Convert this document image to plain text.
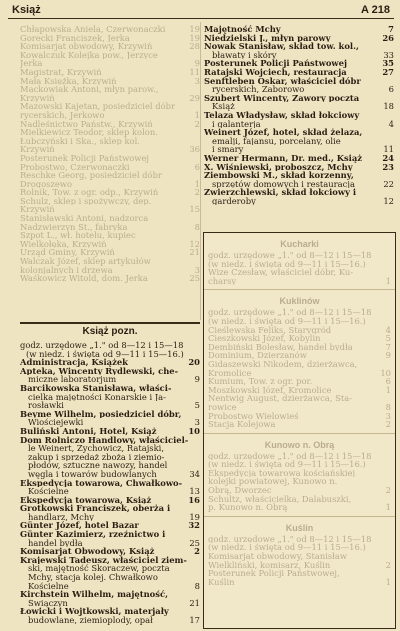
Książ	A 218
Chłapowska Aniela, Czerwonaczki	19
Gorecki Franciszek, Jerka	19
Komisarjat obwodowy, Krzywiń	28
Kowalczuk Kolejka pow., Jerzyce
Jerka	9
Magistrat, Krzywiń	11
Mała Księżka, Krzywiń	3
Mackowiak Antoni, młyn parow.,
Krzywiń	29
Mazowski Kajetan, posiedziciel dóbr
rycerskich, Jerkowo	1
Nadleśnictwo Państw., Krzywiń	2
Mielkiewicz Teodor, sklep kolon.
Łubczyński i Ska., sklep kol.
Krzywiń	36
Posterunek Policji Państwowej
Probostwo, Czerwonaczki	6
Reschke Georg, posiedziciel dóbr
Drogoszewo	1
Rolnik, Tow. z ogr. odp., Krzywiń	2
Schulz, sklep i spożywczy, dep.
Krzywiń	15
Stanisławski Antoni, nadzorca
Nadzwierzyn St., fabryka	8
Szpot L., wł. hotelu, kupiec
Wielkołęka, Krzywiń	12
Urząd Gminy, Krzywiń	21
Walczak Józef, sklep artykułów
kolonjalnych i drzewa	3
Waśkowicz Witold, dom. Jerka	25
Majętność Mchy	7
Niedzielski J., młyn parowy	26
Nowak Stanisław, skład tow. kol.,
bławaty i skóry	33
Posterunek Policji Państwowej	35
Ratajski Wojciech, restauracja	27
Senftleben Oskar, właściciel dóbr
rycerskich, Zaborowo	6
Szubert Wincenty, Zawory poczta
Książ	18
Telaza Władysław, skład łokciowy
i galanterja	4
Weinert Józef, hotel, skład żelaza,
emalji, fajansu, porcelany, olie
i smary	11
Werner Hermann, Dr. med., Książ 24
X. Wiśniewski, proboszcz, Mchy	23
Ziembowski M., skład korzenny,
sprzętów domowych i restauracja	22
Zwierzchlewski, skład łokciowy i
garderoby	12
Książ pozn.
godz. urzędowe „1." od 8—12 i 15—18
(w niedz. i święta od 9—11 i 15—16.)
Administracja, Książek	20
Apteka, Wincenty Rydlewski, che-
miczne laboratorjum	9
Barcikowska Stanisława, właści-
cielka majętności Konarskie i Ja-
rosławki	5
Beyme Wilhelm, posiedziciel dóbr,
Wiościejewki	3
Buliński Antoni, Hotel, Książ	10
Dom Rolniczo Handlowy, właściciel-
le Weinert, Żychowicz, Ratajski,
zakup i sprzedaż zboża i ziemio-
płodów, sztuczne nawozy, handel
węgla i towarów budowlanych	34
Ekspedycja towarowa, Chwałkowo-
Kościelne	13
Ekspedycja towarowa, Książ	16
Grotkowski Franciszek, oberża i
handlarz, Mchy	19
Günter Józef, hotel Bazar	32
Günter Kazimierz, rzeźnictwo i
handel bydła	25
Komisarjat Obwodowy, Książ	2
Krajewski Tadeusz, właściciel ziem-
ski, majętność Skoraczew, poczta
Mchy, stacja kolej. Chwałkowo
Kościelne	8
Kirchstein Wilhelm, majętność,
Świączyn	21
Łowicki i Wojtkowski, materjały
budowlane, ziemioplody, opał	17
Kucharki
godz. urzędowe „1." od 8—12 i 15—18
(w niedz. i święta od 9—11 i 15—16.)
Wize Czesław, właściciel dóbr, Ku-
charsy	1
Kuklinów
godz. urzędowe „1." od 8—12 i 15—18
(w niedz. i święta od 9—11 i 15—16.)
Cieślewska Feliks, Starygród	4
Cieszkowski Józef, Kobylin	5
Dembiński Bolesław, handel bydła	7
Dominium, Dzierzanów	9
Gidaszewski Nikodem, dzierżawca,
Kromolice	10
Kumium, Tow. z ogr. por.	6
Moszkowski Józef, Kromolice	1
Nentwig August, dzierżawca, Sta-
rowice	8
Probostwo Wielowieś	3
Stacja Kolejowa	2
Kunowo n. Obrą
godz. urzędowe „1." od 8—12 i 15—18
(w niedz. i święta od 9—11 i 15—16.)
Ekspedycja towarowa kościańskiej
kolejki powiatowej, Kunowo n.
Obrą, Dworzec	2
Schultz, właścicielka, Dalabuszki,
p. Kunowo n. Obrą	1
Kuślin
godz. urzędowe „1." od 8—12 i 15—18
(w niedz. i święta od 9—11 i 15—16.)
Komisarjat obwodowy, Stanisław
Wielkliński, komisarz, Kuślin	2
Posterunek Policji Państwowej,
Kuślin	1
